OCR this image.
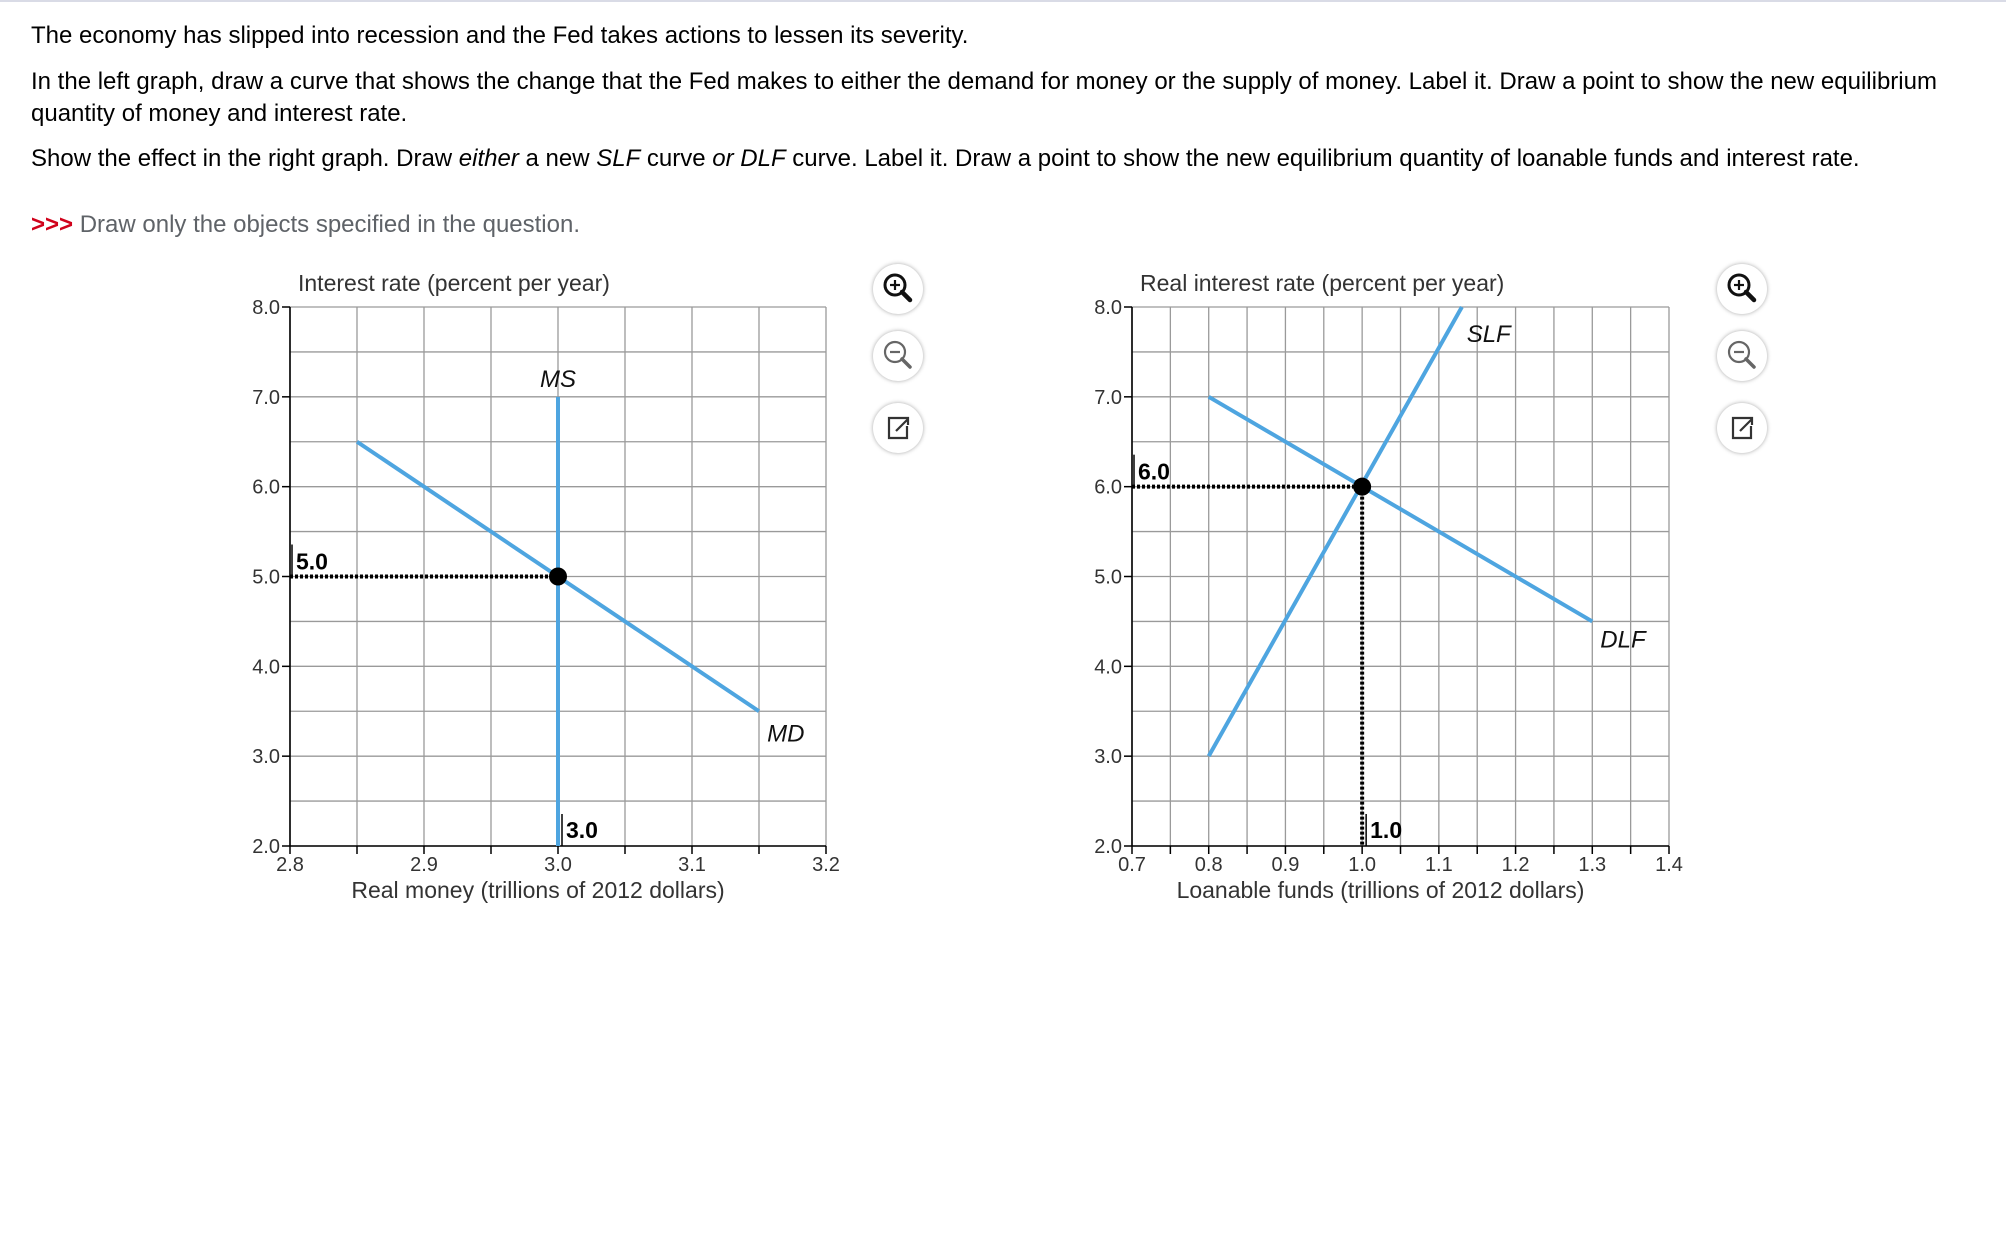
The economy has slipped into recession and the Fed takes actions to lessen its severity.
In the left graph, draw a curve that shows the change that the Fed makes to either the demand for money or the supply of money. Label it. Draw a point to show the new equilibrium quantity of money and interest rate.
Show the effect in the right graph. Draw either a new SLF curve or DLF curve. Label it. Draw a point to show the new equilibrium quantity of loanable funds and interest rate.
>>> Draw only the objects specified in the question.
2.0
3.0
4.0
5.0
6.0
7.0
8.0
2.8	2.9	3.0	3.1	3.2
Interest rate (percent per year)
Real money (trillions of 2012 dollars)
MS
MD
5.0
3.0
2.0
3.0
4.0
5.0
6.0
7.0
8.0
0.7 0.8 0.9 1.0 1.1 1.2 1.3 1.4
Real interest rate (percent per year)
Loanable funds (trillions of 2012 dollars)
SLF
DLF
6.0
1.0
